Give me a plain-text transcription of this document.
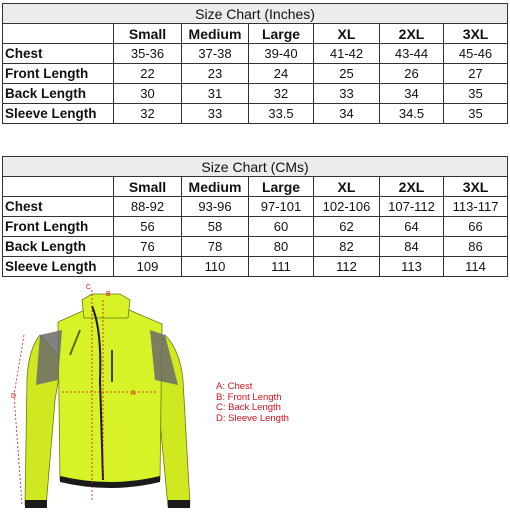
Size Chart (Inches)						
	Small	Medium	Large	XL	2XL	3XL
Chest	35-36	37-38	39-40	41-42	43-44	45-46
Front Length	22	23	24	25	26	27
Back Length	30	31	32	33	34	35
Sleeve Length	32	33	33.5	34	34.5	35
Size Chart (CMs)						
	Small	Medium	Large	XL	2XL	3XL
Chest	88-92	93-96	97-101	102-106	107-112	113-117
Front Length	56	58	60	62	64	66
Back Length	76	78	80	82	84	86
Sleeve Length	109	110	111	112	113	114
C
B
A
D
A: Chest
B: Front Length
C: Back Length
D: Sleeve Length
